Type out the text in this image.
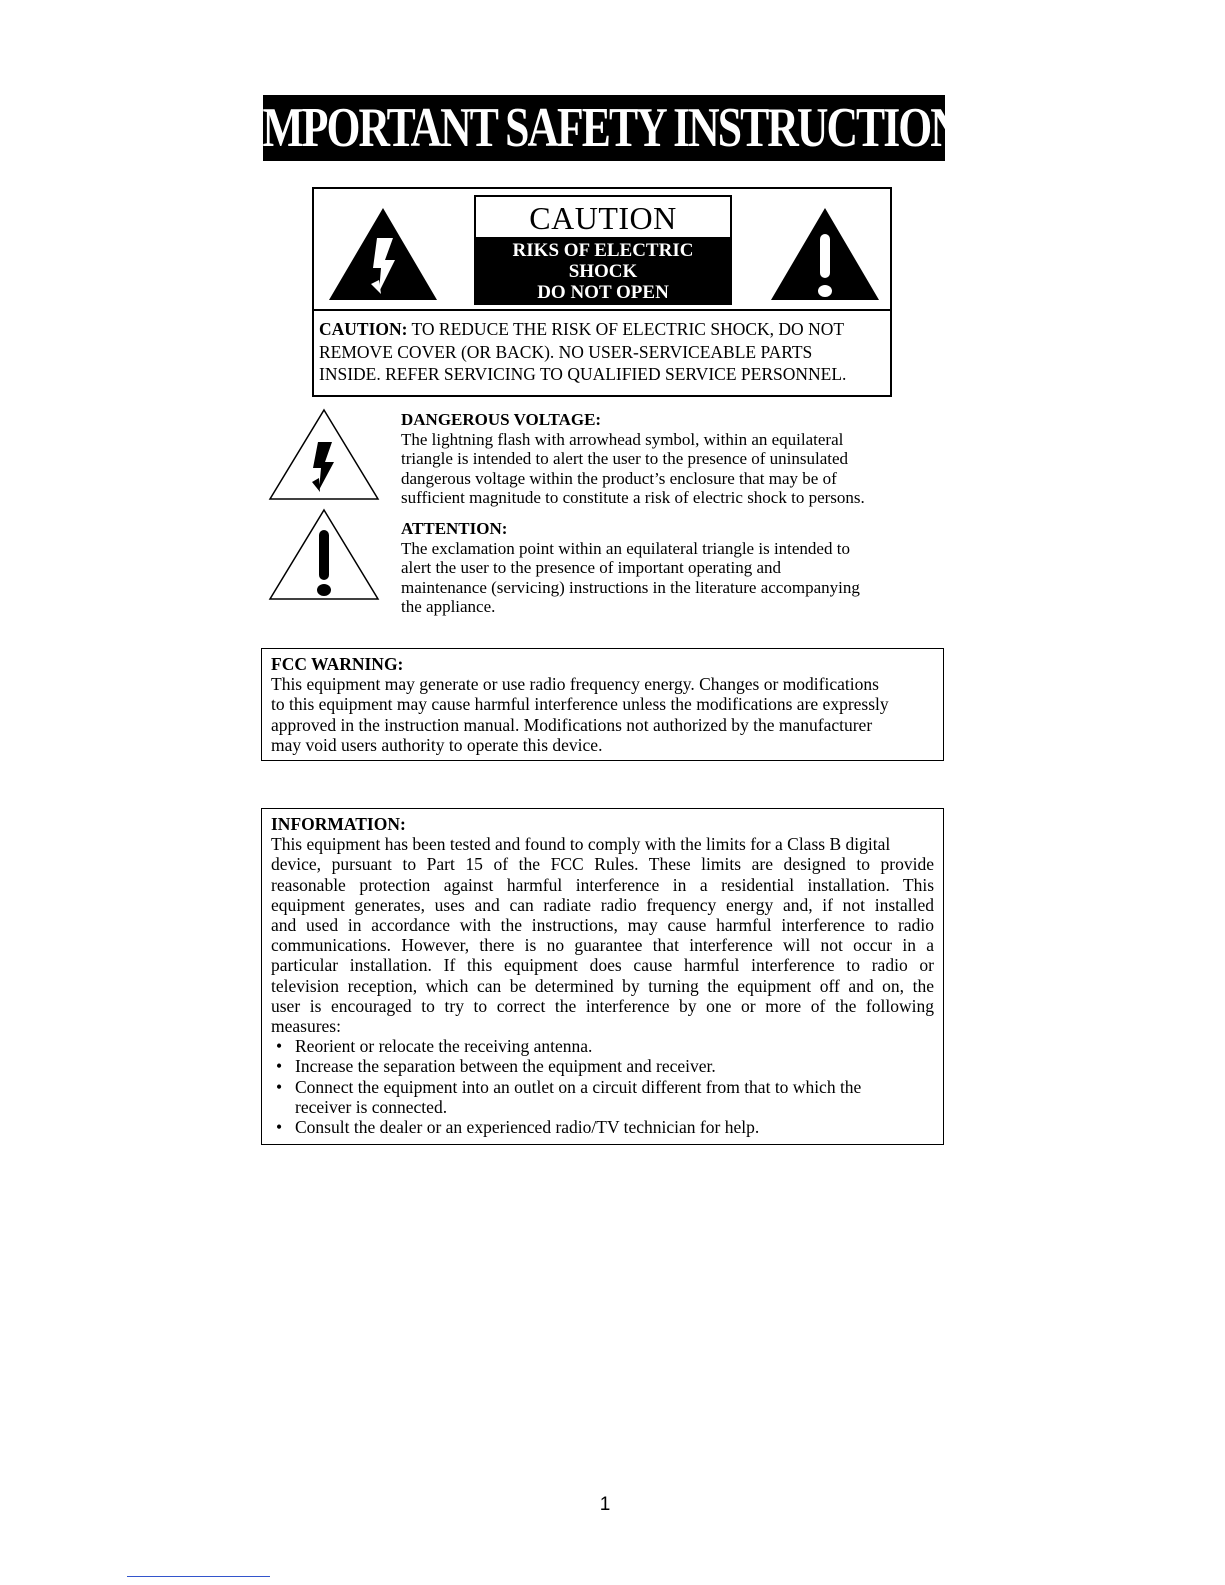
IMPORTANT SAFETY INSTRUCTION
CAUTION
RIKS OF ELECTRIC
SHOCK
DO NOT OPEN
CAUTION: TO REDUCE THE RISK OF ELECTRIC SHOCK, DO NOT
REMOVE COVER (OR BACK). NO USER-SERVICEABLE PARTS
INSIDE. REFER SERVICING TO QUALIFIED SERVICE PERSONNEL.
DANGEROUS VOLTAGE:
The lightning flash with arrowhead symbol, within an equilateral
triangle is intended to alert the user to the presence of uninsulated
dangerous voltage within the product’s enclosure that may be of
sufficient magnitude to constitute a risk of electric shock to persons.
ATTENTION:
The exclamation point within an equilateral triangle is intended to
alert the user to the presence of important operating and
maintenance (servicing) instructions in the literature accompanying
the appliance.
FCC WARNING:
This equipment may generate or use radio frequency energy. Changes or modifications
to this equipment may cause harmful interference unless the modifications are expressly
approved in the instruction manual. Modifications not authorized by the manufacturer
may void users authority to operate this device.
INFORMATION:
This equipment has been tested and found to comply with the limits for a Class B digital
device, pursuant to Part 15 of the FCC Rules. These limits are designed to provide
reasonable protection against harmful interference in a residential installation. This
equipment generates, uses and can radiate radio frequency energy and, if not installed
and used in accordance with the instructions, may cause harmful interference to radio
communications. However, there is no guarantee that interference will not occur in a
particular installation. If this equipment does cause harmful interference to radio or
television reception, which can be determined by turning the equipment off and on, the
user is encouraged to try to correct the interference by one or more of the following
measures:
• Reorient or relocate the receiving antenna.
• Increase the separation between the equipment and receiver.
• Connect the equipment into an outlet on a circuit different from that to which the
receiver is connected.
• Consult the dealer or an experienced radio/TV technician for help.
1
